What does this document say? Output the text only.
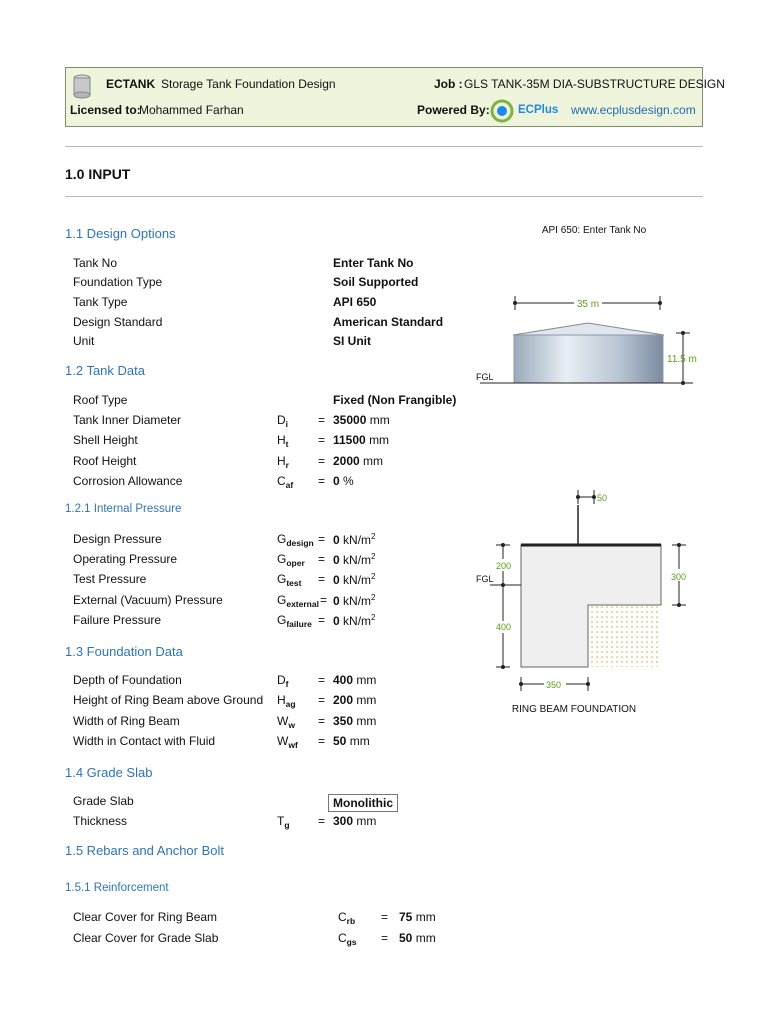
ECTANK Storage Tank Foundation Design	Job : GLS TANK-35M DIA-SUBSTRUCTURE DESIGN
Licensed to:
Mohammed Farhan	Powered By: ECPlus www.ecplusdesign.com
1.0 INPUT
1.1 Design Options
Tank No	Enter Tank No
Foundation Type	Soil Supported
Tank Type	API 650
Design Standard	American Standard
Unit	SI Unit
1.2 Tank Data
Roof Type	Fixed (Non Frangible)
Tank Inner Diameter	$D_i = 35000$ mm
Shell Height	$H_t = 11500$ mm
Roof Height	$H_r = 2000$ mm
Corrosion Allowance	$C_{af} = 0$ %
1.2.1 Internal Pressure
Design Pressure	$G_{design} = 0$ $kN/m^2$
Operating Pressure	$G_{oper} = 0$ $kN/m^2$
Test Pressure	$G_{test} = 0$ $kN/m^2$
External (Vacuum) Pressure	$G_{external} = 0$ $kN/m^2$
Failure Pressure	$G_{failure} = 0$ $kN/m^2$
1.3 Foundation Data
Depth of Foundation	$D_f = 400$ mm
Height of Ring Beam above Ground $H_{ag} = 200$ mm
Width of Ring Beam	$W_w = 350$ mm
Width in Contact with Fluid	$W_{wf} = 50$ mm
1.4 Grade Slab
Grade Slab	Monolithic
Thickness	$T_g = 300$ mm
1.5 Rebars and Anchor Bolt
1.5.1 Reinforcement
Clear Cover for Ring Beam	$C_{rb} = 75$ mm
Clear Cover for Grade Slab	$C_{gs} = 50$ mm
API 650: Enter Tank No
35 m
FGL
11.5 m
50
FGL
200
400
300
350
RING BEAM FOUNDATION
